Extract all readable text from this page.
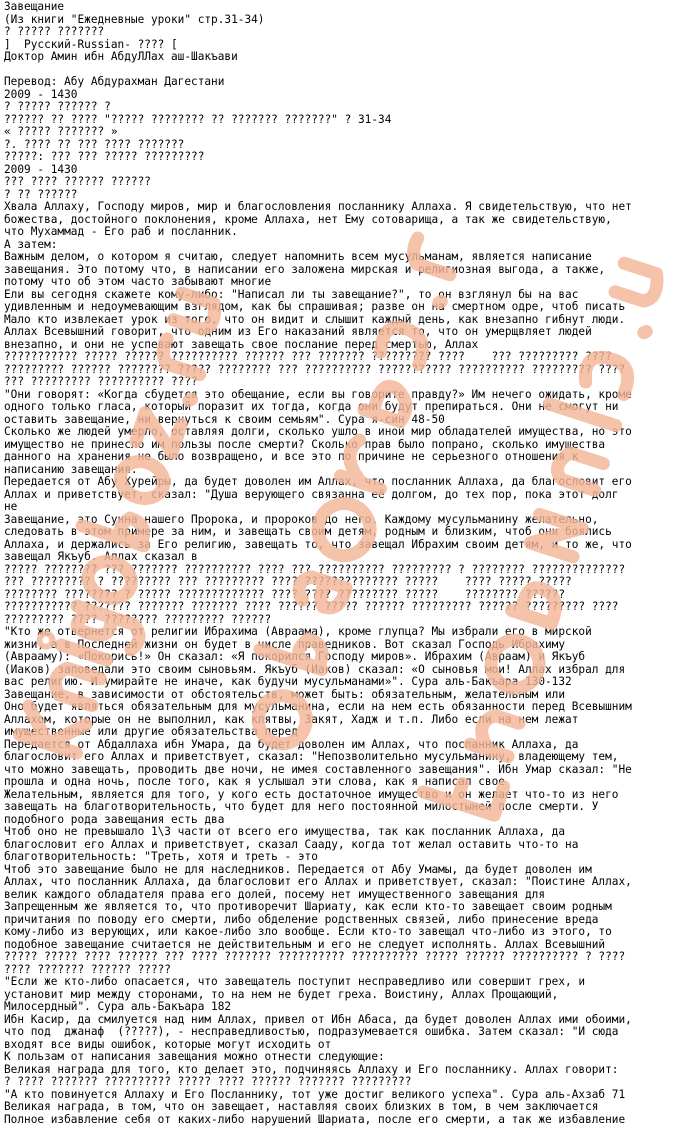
Завещание
(Из книги "Ежедневные уроки" стр.31-34)
? ????? ???????
]  Русский-Russian- ???? [
Доктор Амин ибн АбдуЛЛах аш-Шакъави
Перевод: Абу Абдурахман Дагестани
2009 - 1430
? ????? ?????? ?
?????? ?? ???? "????? ???????? ?? ??????? ???????" ? 31-34
« ????? ??????? »
?. ???? ?? ??? ???? ???????
?????: ??? ??? ????? ?????????
2009 - 1430
??? ???? ?????? ??????
? ?? ??????
Хвала Аллаху, Господу миров, мир и благословления посланнику Аллаха. Я свидетельствую, что нет
божества, достойного поклонения, кроме Аллаха, нет Ему сотоварища, а так же свидетельствую,
что Мухаммад - Его раб и посланник.
А затем:
Важным делом, о котором я считаю, следует напомнить всем мусульманам, является написание
завещания. Это потому что, в написании его заложена мирская и религиозная выгода, а также,
потому что об этом часто забывают многие
Ели вы сегодня скажете кому-либо: "Написал ли ты завещание?", то он взглянул бы на вас
удивленным и недоумевающим взглядом, как бы спрашивая; разве он на смертном одре, чтоб писать
Мало кто извлекает урок из того, что он видит и слышит каждый день, как внезапно гибнут люди.
Аллах Всевышний говорит, что одним из Его наказаний является то, что он умерщвляет людей
внезапно, и они не успевают завещать свое послание перед смертью, Аллах
??????????? ????? ?????? ?????????? ?????? ??? ??????? ????????? ????    ??? ????????? ????
????????? ?????? ???????? ????? ???????? ??? ?????????? ??????????? ?????????? ????????? ????
??? ????????? ?????????? ????
"Они говорят: «Когда сбудется это обещание, если вы говорите правду?» Им нечего ожидать, кроме
одного только гласа, который поразит их тогда, когда они будут препираться. Они не смогут ни
оставить завещание, ни вернуться к своим семьям". Сура я-син 48-50
Сколько же людей умерло, оставляя долги, сколько ушло в иной мир обладателей имущества, но это
имущество не принесло им пользы после смерти? Сколько прав было попрано, сколько имущества
данного на хранения не было возвращено, и все это по причине не серьезного отношения к
написанию завещания.
Передается от Абу Хурейры, да будет доволен им Аллах, что посланник Аллаха, да благословит его
Аллах и приветствует, сказал: "Душа верующего связанна её долгом, до тех пор, пока этот долг
не
Завещание, это Сунна нашего Пророка, и пророков до него. Каждому мусульманину желательно,
следовать в этом примере за ним, и завещать своим детям, родным и близким, чтоб они боялись
Аллаха, и держались за Его религию, завещать то, что завещал Ибрахим своим детям, и то же, что
завещал Якъуб. Аллах сказал в
????? ???????? ??? ??????? ?????????? ???? ??? ?????????? ????????? ? ???????? ??????????????
??? ????????? ? ????????? ??? ????????? ???? ?????????????? ?????    ???? ????? ?????
???????? ???????? ? ????? ????????????? ???? ???? ????????? ?????    ???????? ??????
??????????? ??????? ??????? ??????? ???? ?????? ????? ?????? ????????? ?????? ????????? ????
????????? ???? ???????? ????????? ??????
"Кто же отвернется от религии Ибрахима (Авраама), кроме глупца? Мы избрали его в мирской
жизни, а в Последней жизни он будет в числе праведников. Вот сказал Господь Ибрахиму
(Аврааму): «Покорись!» Он сказал: «Я покорился Господу миров». Ибрахим (Авраам) и Якъуб
(Иаков) заповедали это своим сыновьям. Якъуб (Иаков) сказал: «О сыновья мои! Аллах избрал для
вас религию. И умирайте не иначе, как будучи мусульманами»". Сура аль-Бакъара 130-132
Завещание, в зависимости от обстоятельств, может быть: обязательным, желательным или
Оно будет являться обязательным для мусульманина, если на нем есть обязанности перед Всевышним
Аллахом, которые он не выполнил, как клятвы, Закят, Хадж и т.п. Либо если на нем лежат
имущественные или другие обязательства перед
Передается от Абдаллаха ибн Умара, да будет доволен им Аллах, что посланник Аллаха, да
благословит его Аллах и приветствует, сказал: "Непозволительно мусульманину, владеющему тем,
что можно завещать, проводить две ночи, не имея составленного завещания". Ибн Умар сказал: "Не
прошла и одна ночь, после того, как я услышал эти слова, как я написал свое
Желательным, является для того, у кого есть достаточное имущество и он желает что-то из него
завещать на благотворительность, что будет для него постоянной милостыней после смерти. У
подобного рода завещания есть два
Чтоб оно не превышало 1\3 части от всего его имущества, так как посланник Аллаха, да
благословит его Аллах и приветствует, сказал Сааду, когда тот желал оставить что-то на
благотворительность: "Треть, хотя и треть - это
Чтоб это завещание было не для наследников. Передается от Абу Умамы, да будет доволен им
Аллах, что посланник Аллаха, да благословит его Аллах и приветствует, сказал: "Поистине Аллах,
велик каждого обладателя права его долей, посему нет имущественного завещания для
Запрещенным же является то, что противоречит Шариату, как если кто-то завещает своим родным
причитания по поводу его смерти, либо обделение родственных связей, либо принесение вреда
кому-либо из верующих, или какое-либо зло вообще. Если кто-то завещал что-либо из этого, то
подобное завещание считается не действительным и его не следует исполнять. Аллах Всевышний
????? ????? ???? ?????? ??? ???? ??????? ?????????? ?????????? ????? ?????? ?????????? ? ????
???? ??????? ?????? ?????
"Если же кто-либо опасается, что завещатель поступит несправедливо или совершит грех, и
установит мир между сторонами, то на нем не будет греха. Воистину, Аллах Прощающий,
Милосердный". Сура аль-Бакъара 182
Ибн Касир, да смилуется над ним Аллах, привел от Ибн Абаса, да будет доволен Аллах ими обоими,
что под  джанаф  (?????), - несправедливостью, подразумевается ошибка. Затем сказал: "И сюда
входят все виды ошибок, которые могут исходить от
К пользам от написания завещания можно отнести следующие:
Великая награда для того, кто делает это, подчиняясь Аллаху и Его посланнику. Аллах говорит:
? ???? ??????? ?????????? ????? ???? ?????? ??????? ?????????
"А кто повинуется Аллаху и Его Посланнику, тот уже достиг великого успеха". Сура аль-Ахзаб 71
Великая награда, в том, что он завещает, наставляя своих близких в том, в чем заключается
Полное избавление себя от каких-либо нарушений Шариата, после его смерти, а так же избавление
